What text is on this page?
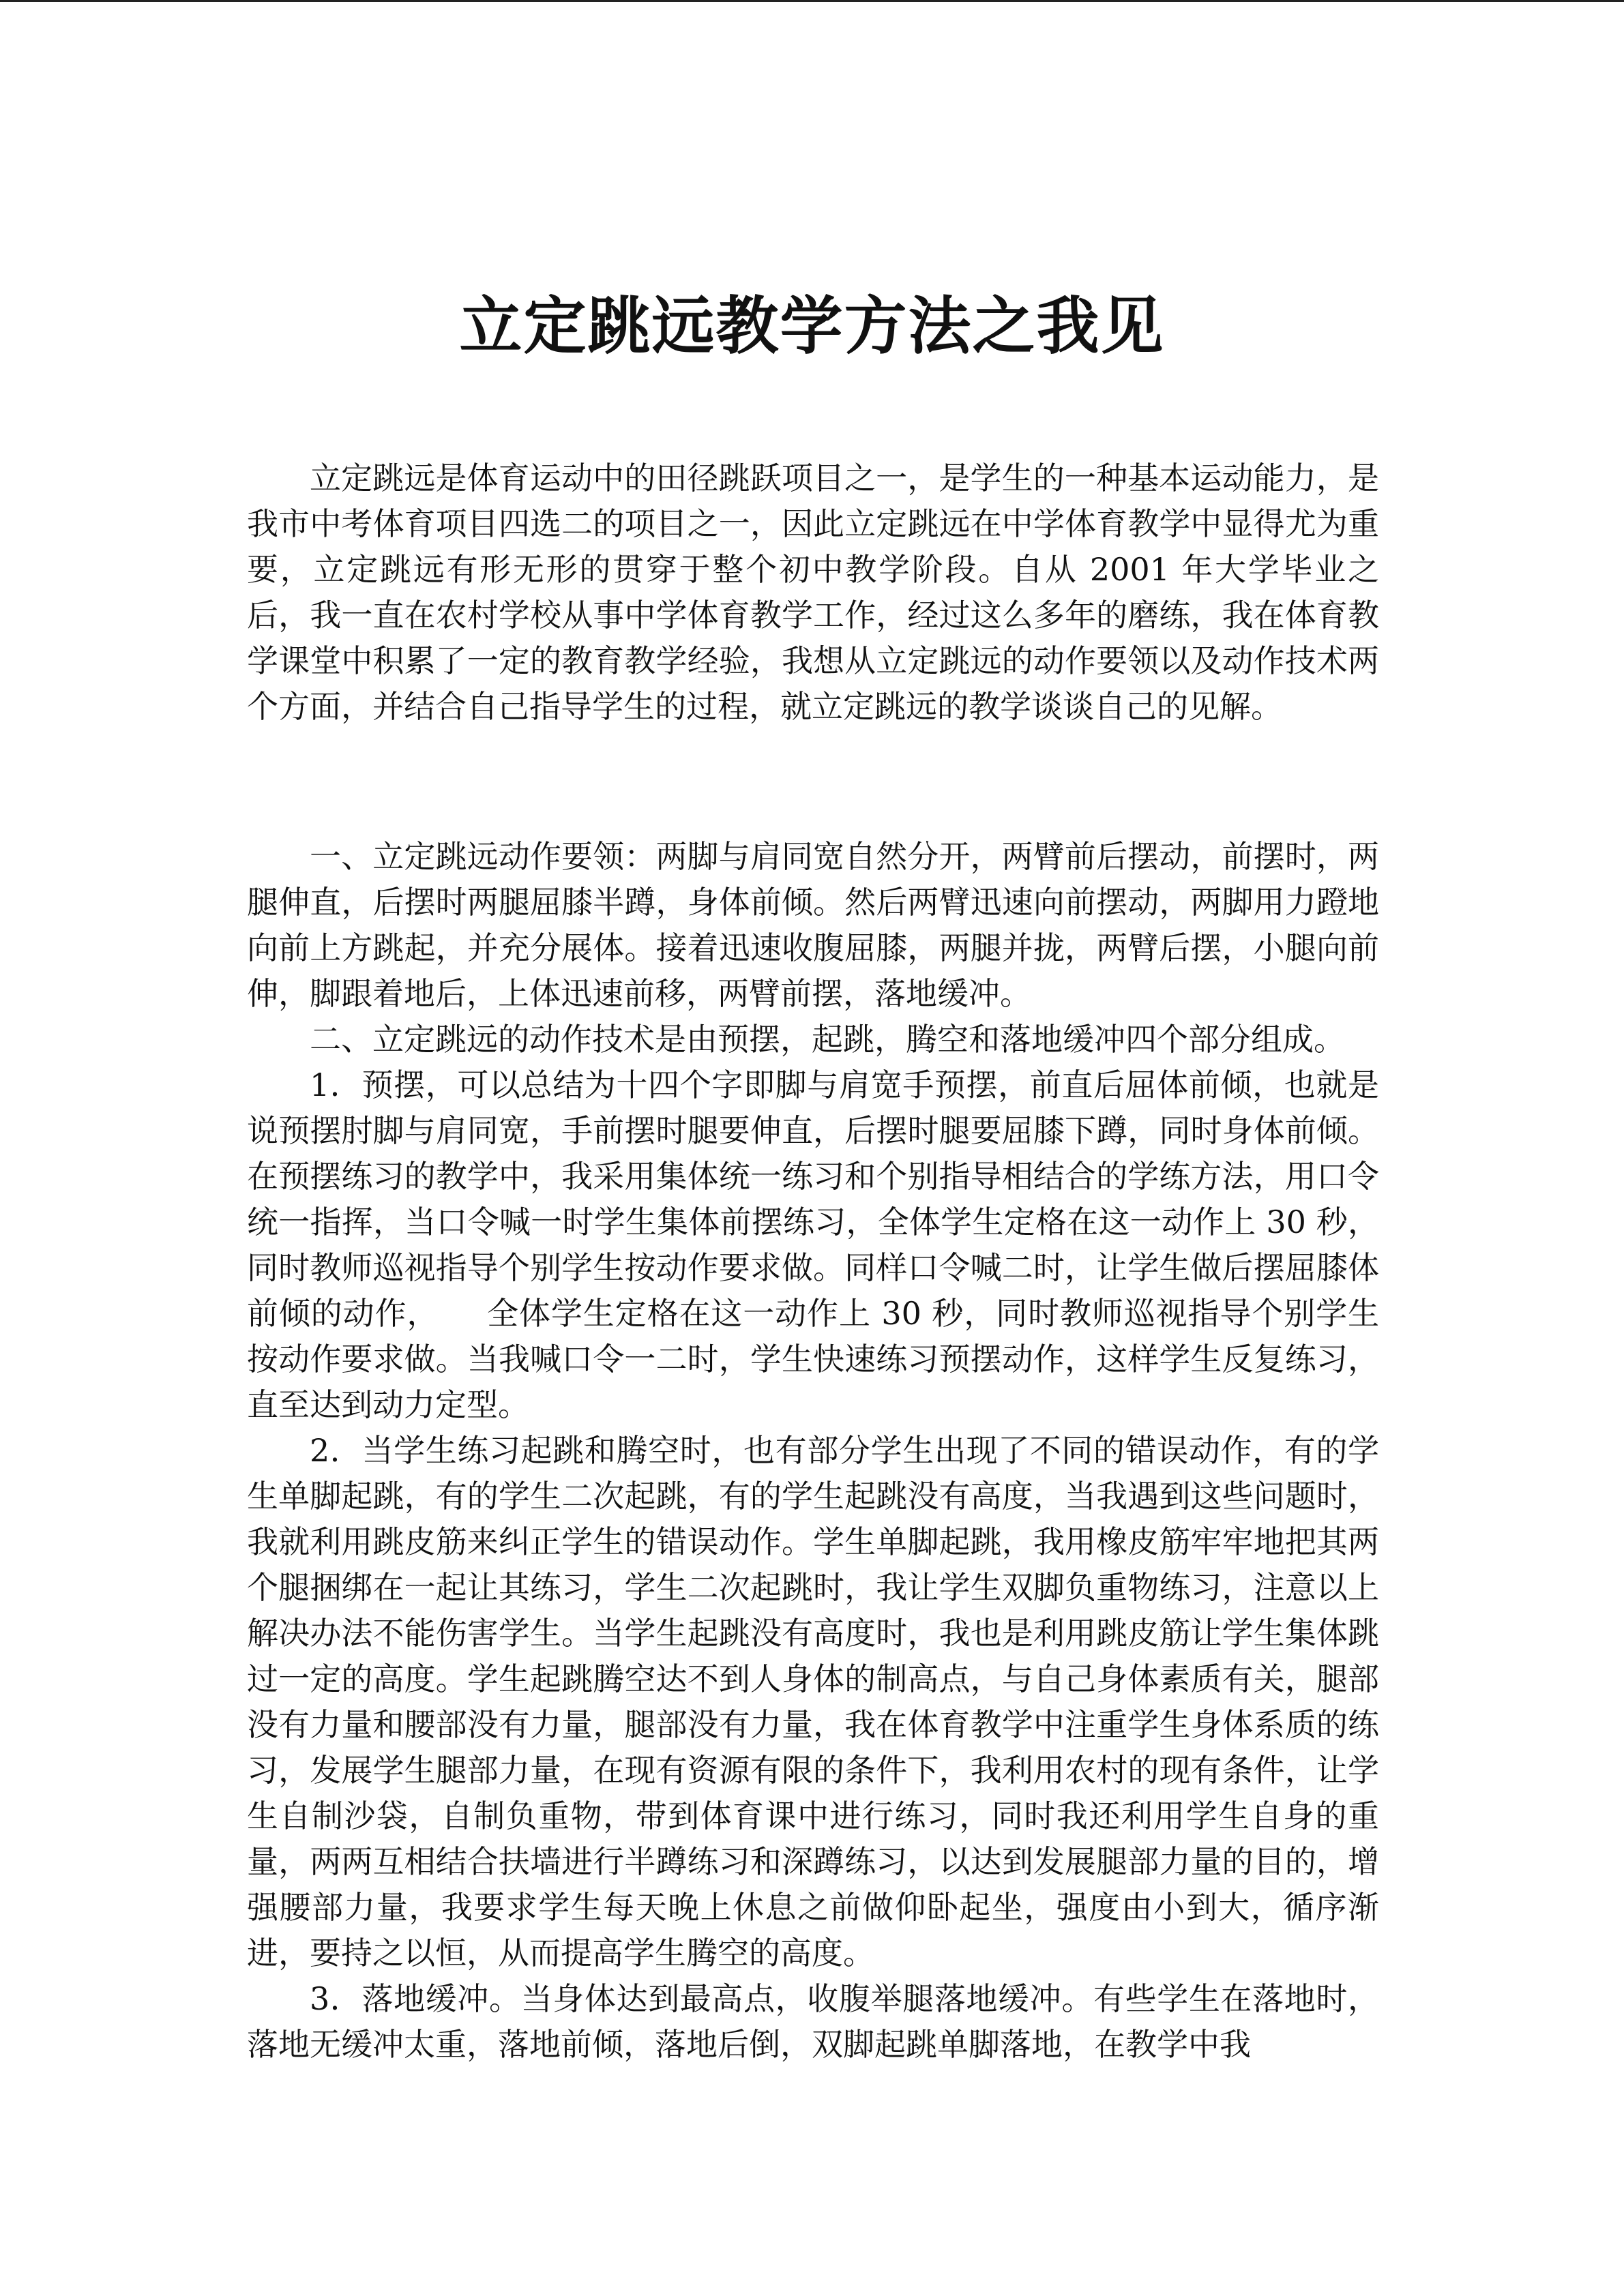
立定跳远教学方法之我见

立定跳远是体育运动中的田径跳跃项目之一，是学生的一种基本运动能力，是我市中考体育项目四选二的项目之一，因此立定跳远在中学体育教学中显得尤为重要，立定跳远有形无形的贯穿于整个初中教学阶段。自从 2001 年大学毕业之后，我一直在农村学校从事中学体育教学工作，经过这么多年的磨练，我在体育教学课堂中积累了一定的教育教学经验，我想从立定跳远的动作要领以及动作技术两个方面，并结合自己指导学生的过程，就立定跳远的教学谈谈自己的见解。

一、立定跳远动作要领：两脚与肩同宽自然分开，两臂前后摆动，前摆时，两腿伸直，后摆时两腿屈膝半蹲，身体前倾。然后两臂迅速向前摆动，两脚用力蹬地向前上方跳起，并充分展体。接着迅速收腹屈膝，两腿并拢，两臂后摆，小腿向前伸，脚跟着地后，上体迅速前移，两臂前摆，落地缓冲。

二、立定跳远的动作技术是由预摆，起跳，腾空和落地缓冲四个部分组成。

1．预摆，可以总结为十四个字即脚与肩宽手预摆，前直后屈体前倾，也就是说预摆肘脚与肩同宽，手前摆时腿要伸直，后摆时腿要屈膝下蹲，同时身体前倾。在预摆练习的教学中，我采用集体统一练习和个别指导相结合的学练方法，用口令统一指挥，当口令喊一时学生集体前摆练习，全体学生定格在这一动作上 30 秒，同时教师巡视指导个别学生按动作要求做。同样口令喊二时，让学生做后摆屈膝体前倾的动作，　　全体学生定格在这一动作上 30 秒，同时教师巡视指导个别学生按动作要求做。当我喊口令一二时，学生快速练习预摆动作，这样学生反复练习，直至达到动力定型。

2．当学生练习起跳和腾空时，也有部分学生出现了不同的错误动作，有的学生单脚起跳，有的学生二次起跳，有的学生起跳没有高度，当我遇到这些问题时，我就利用跳皮筋来纠正学生的错误动作。学生单脚起跳，我用橡皮筋牢牢地把其两个腿捆绑在一起让其练习，学生二次起跳时，我让学生双脚负重物练习，注意以上解决办法不能伤害学生。当学生起跳没有高度时，我也是利用跳皮筋让学生集体跳过一定的高度。学生起跳腾空达不到人身体的制高点，与自己身体素质有关，腿部没有力量和腰部没有力量，腿部没有力量，我在体育教学中注重学生身体系质的练习，发展学生腿部力量，在现有资源有限的条件下，我利用农村的现有条件，让学生自制沙袋，自制负重物，带到体育课中进行练习，同时我还利用学生自身的重量，两两互相结合扶墙进行半蹲练习和深蹲练习，以达到发展腿部力量的目的，增强腰部力量，我要求学生每天晚上休息之前做仰卧起坐，强度由小到大，循序渐进，要持之以恒，从而提高学生腾空的高度。

3．落地缓冲。当身体达到最高点，收腹举腿落地缓冲。有些学生在落地时，落地无缓冲太重，落地前倾，落地后倒，双脚起跳单脚落地，在教学中我
